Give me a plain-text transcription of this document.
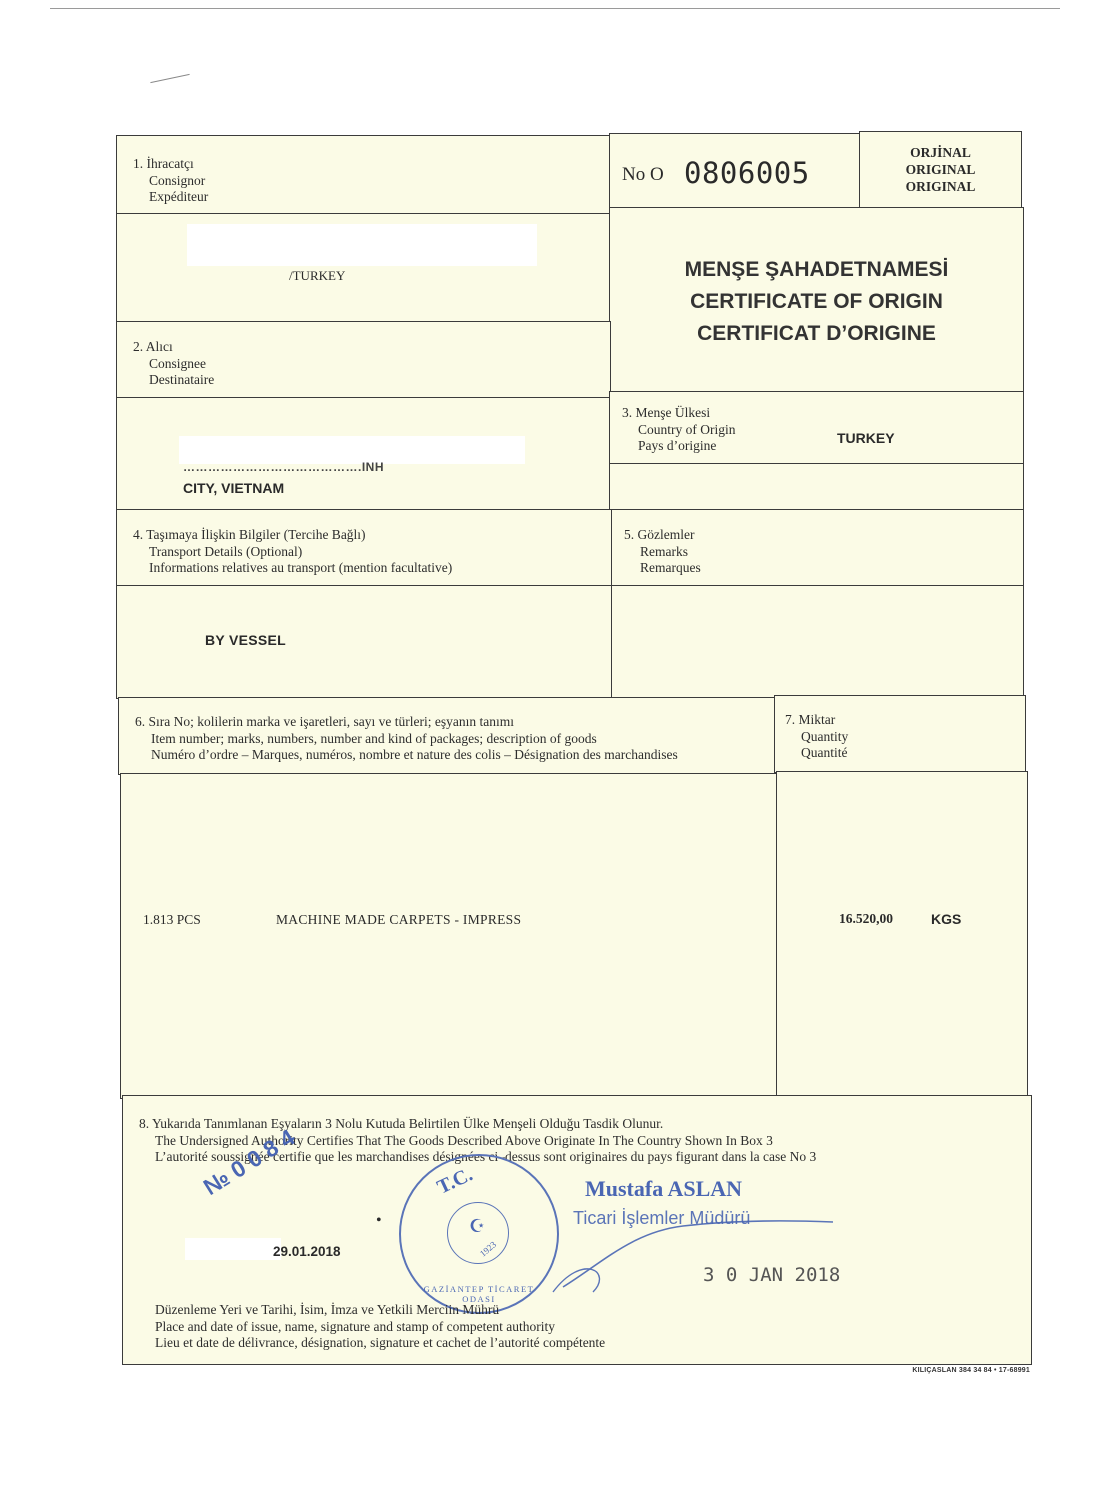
1. İhracatçı
Consignor
Expéditeur
No O 0806005
ORJİNAL
ORIGINAL
ORIGINAL
/TURKEY	MENŞE ŞAHADETNAMESİ
CERTIFICATE OF ORIGIN
CERTIFICAT D’ORIGINE
2. Alıcı
Consignee
Destinataire
…………………………………….INH
CITY, VIETNAM
3. Menşe Ülkesi
Country of Origin
Pays d’origine	TURKEY
4. Taşımaya İlişkin Bilgiler (Tercihe Bağlı)
Transport Details (Optional)
Informations relatives au transport (mention facultative)
BY VESSEL
5. Gözlemler
Remarks
Remarques
6. Sıra No; kolilerin marka ve işaretleri, sayı ve türleri; eşyanın tanımı
Item number; marks, numbers, number and kind of packages; description of goods
Numéro d’ordre – Marques, numéros, nombre et nature des colis – Désignation des marchandises
1.813 PCS	MACHINE MADE CARPETS - IMPRESS
7. Miktar
Quantity
Quantité
16.520,00	KGS
8. Yukarıda Tanımlanan Eşyaların 3 Nolu Kutuda Belirtilen Ülke Menşeli Olduğu Tasdik Olunur.
The Undersigned Authority Certifies That The Goods Described Above Originate In The Country Shown In Box 3
L’autorité soussignée certifie que les marchandises désignées ci–dessus sont originaires du pays figurant dans la case No 3
№ 0 0 8 4
29.01.2018
•
T.C.
☪
1923
GAZİANTEP TİCARET ODASI
Mustafa ASLAN
Ticari İşlemler Müdürü
3 0 JAN 2018
Düzenleme Yeri ve Tarihi, İsim, İmza ve Yetkili Merciin Mührü
Place and date of issue, name, signature and stamp of competent authority
Lieu et date de délivrance, désignation, signature et cachet de l’autorité compétente
KILIÇASLAN 384 34 84 • 17-68991
